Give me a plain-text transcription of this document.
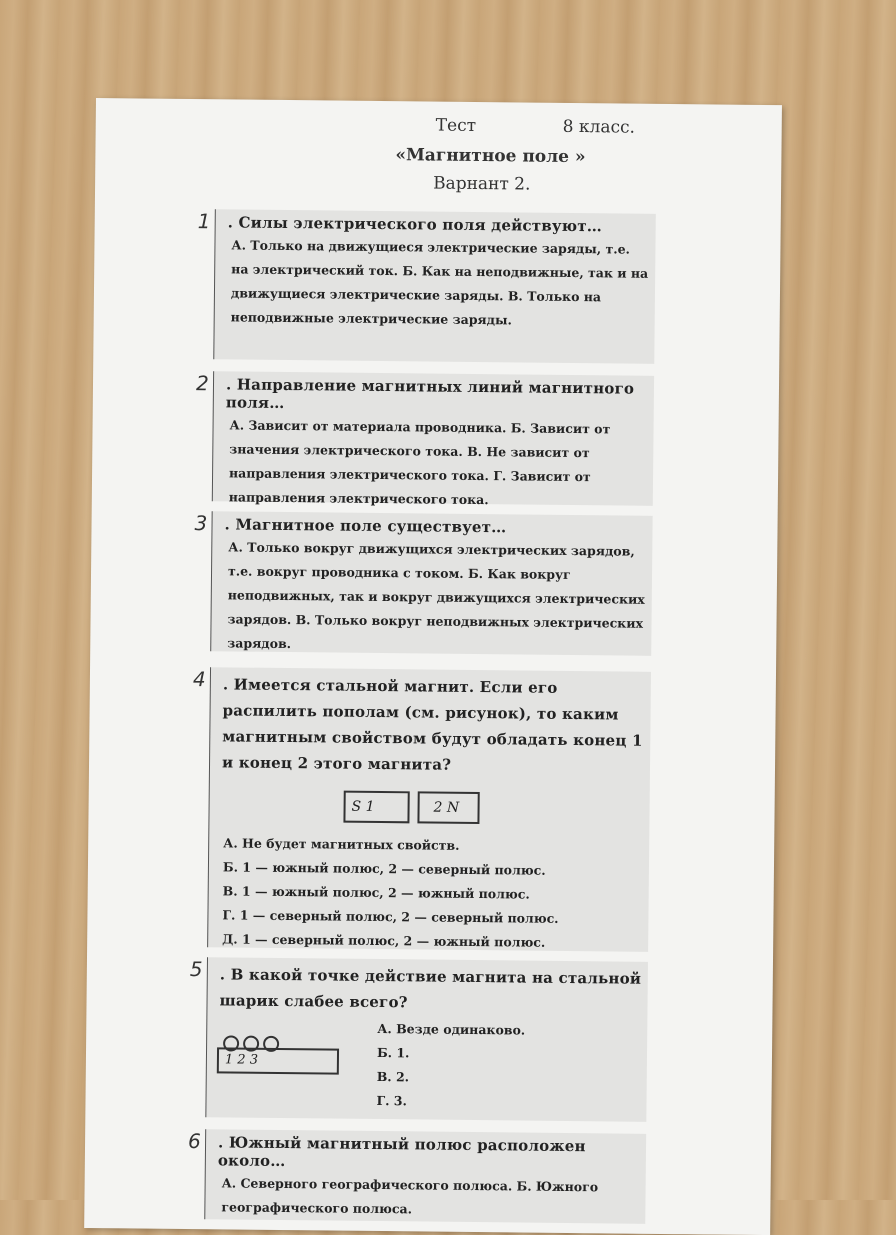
Тест	8 класс.
«Магнитное поле »
Варнант 2.
1	. Силы электрического поля действуют…
А. Только на движущиеся электрические заряды, т.е. на электрический ток. Б. Как на неподвижные, так и на движущиеся электрические заряды. В. Только на неподвижные электрические заряды.
2	. Направление магнитных линий магнитного поля…
А. Зависит от материала проводника. Б. Зависит от значения электрического тока. В. Не зависит от направления электрического тока. Г. Зависит от направления электрического тока.
3	. Магнитное поле существует…
А. Только вокруг движущихся электрических зарядов, т.е. вокруг проводника с током. Б. Как вокруг неподвижных, так и вокруг движущихся электрических зарядов. В. Только вокруг неподвижных электрических зарядов.
4	. Имеется стальной магнит. Если его распилить пополам (см. рисунок), то каким магнитным свойством будут обладать конец 1 и конец 2 этого магнита?
S 1	2 N
А. Не будет магнитных свойств.
Б. 1 — южный полюс, 2 — северный полюс.
В. 1 — южный полюс, 2 — южный полюс.
Г. 1 — северный полюс, 2 — северный полюс.
Д. 1 — северный полюс, 2 — южный полюс.
5	. В какой точке действие магнита на стальной шарик слабее всего?
1 2 3
А. Везде одинаково.
Б. 1.
В. 2.
Г. 3.
6	. Южный магнитный полюс расположен около…
А. Северного географического полюса. Б. Южного географического полюса.
